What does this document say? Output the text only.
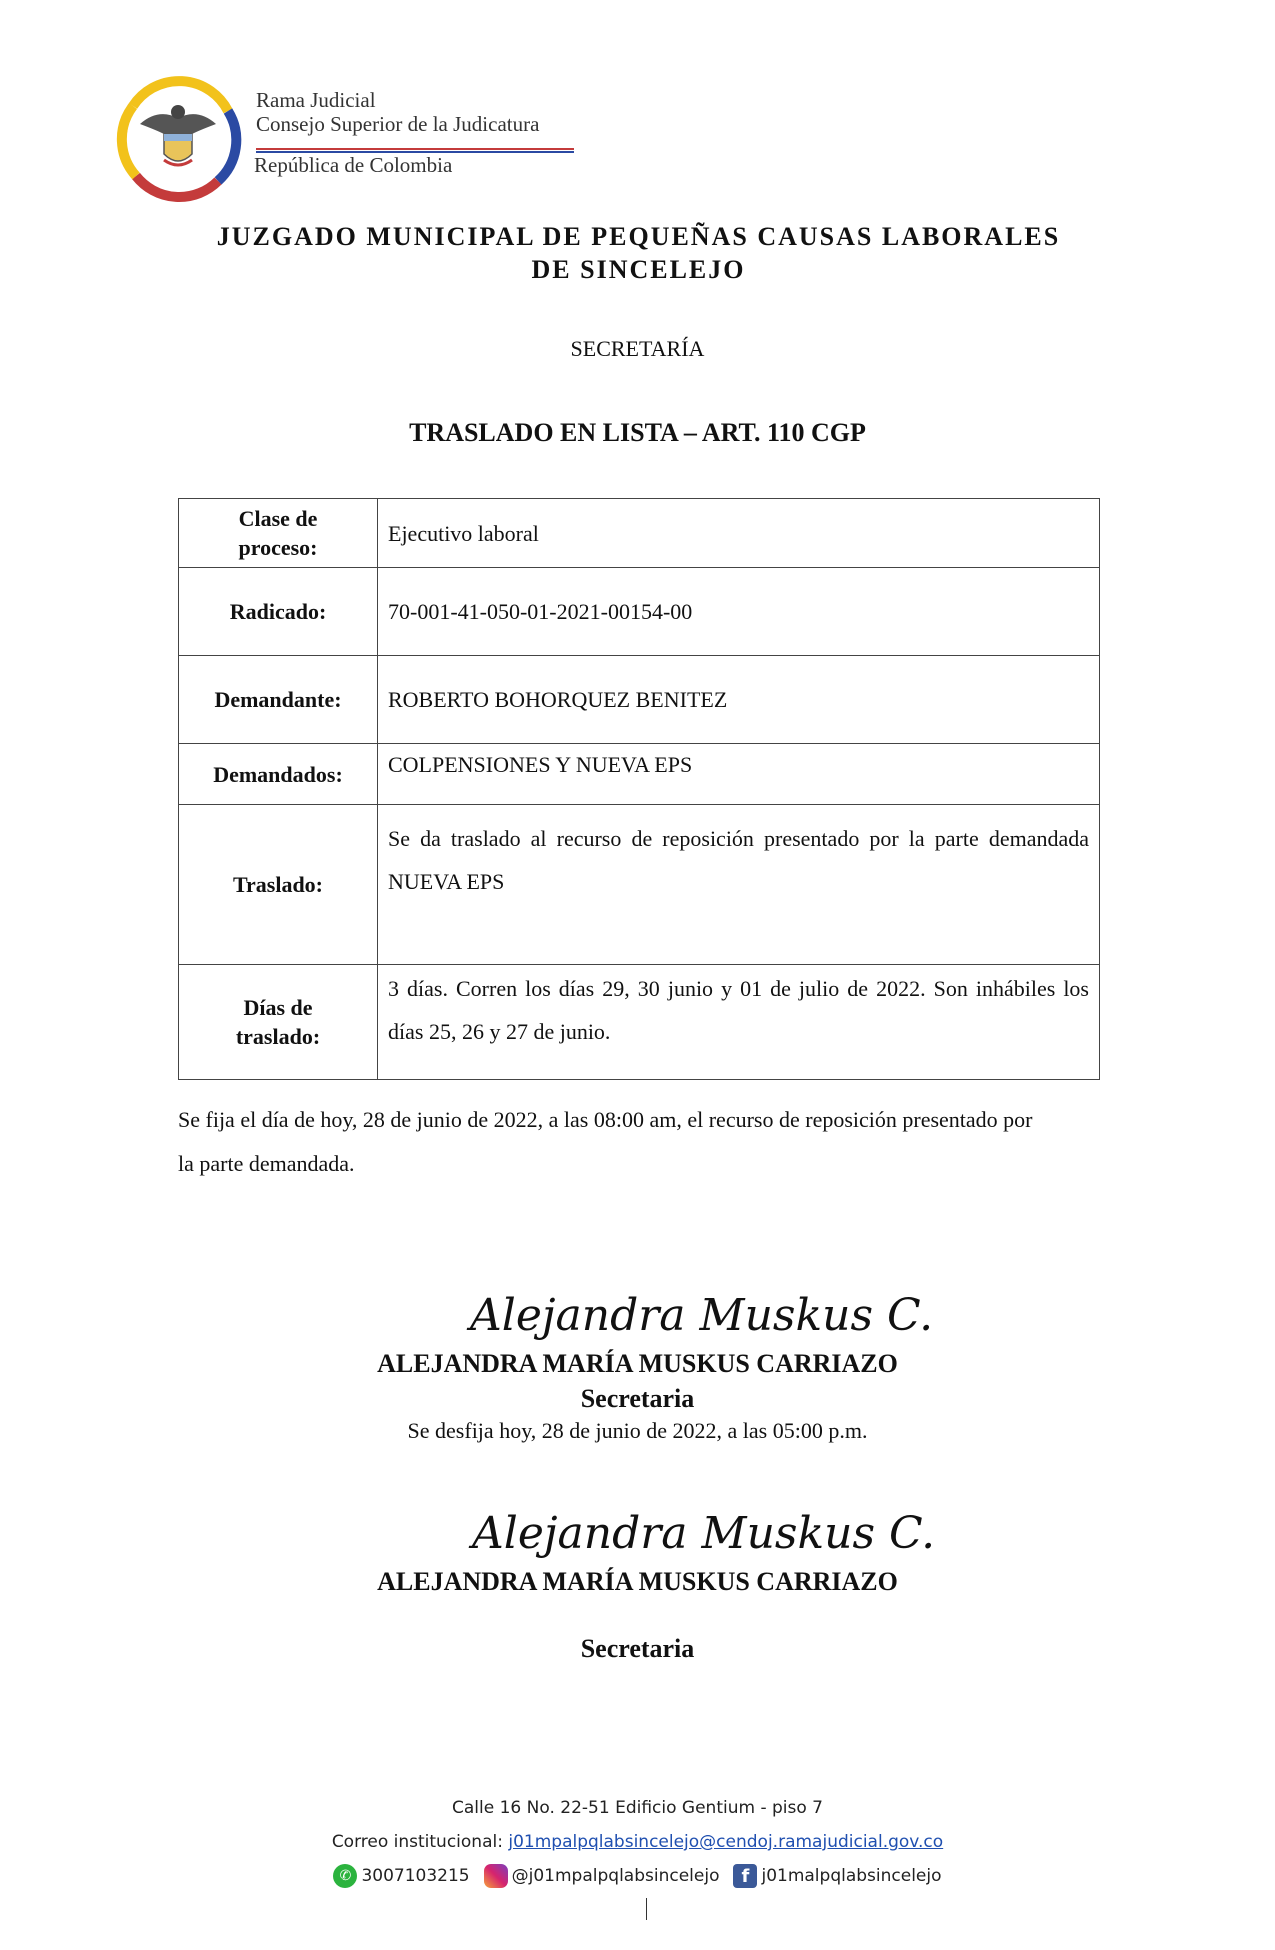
Rama Judicial
Consejo Superior de la Judicatura
República de Colombia
JUZGADO MUNICIPAL DE PEQUEÑAS CAUSAS LABORALES
DE SINCELEJO
SECRETARÍA
TRASLADO EN LISTA – ART. 110 CGP
Clase de
proceso:	Ejecutivo laboral
Radicado:	70-001-41-050-01-2021-00154-00
Demandante:	ROBERTO BOHORQUEZ BENITEZ
Demandados:	COLPENSIONES Y NUEVA EPS
Traslado:	Se da traslado al recurso de reposición presentado por la parte demandada NUEVA EPS

Días de
traslado:	3 días. Corren los días 29, 30 junio y 01 de julio de 2022. Son inhábiles los días 25, 26 y 27 de junio.
Se fija el día de hoy, 28 de junio de 2022, a las 08:00 am, el recurso de reposición presentado por la parte demandada.
Alejandra Muskus C.
ALEJANDRA MARÍA MUSKUS CARRIAZO
Secretaria
Se desfija hoy, 28 de junio de 2022, a las 05:00 p.m.
Alejandra Muskus C.
ALEJANDRA MARÍA MUSKUS CARRIAZO
Secretaria
Calle 16 No. 22-51 Edificio Gentium - piso 7
Correo institucional: j01mpalpqlabsincelejo@cendoj.ramajudicial.gov.co
✆ 3007103215 @j01mpalpqlabsincelejo	f j01malpqlabsincelejo
